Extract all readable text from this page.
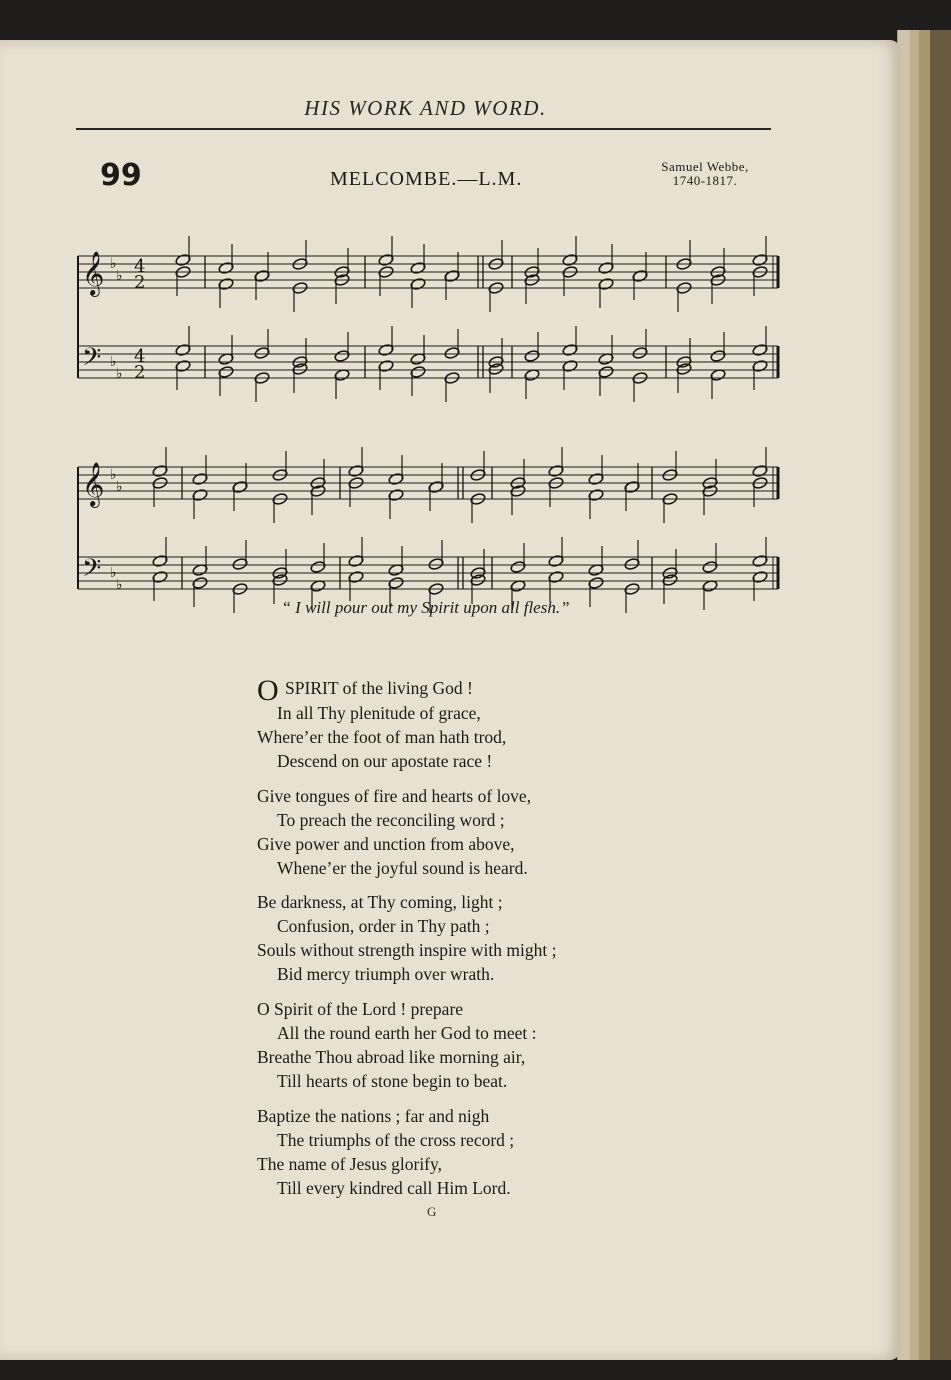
HIS WORK AND WORD.
99	MELCOMBE.—L.M.
Samuel Webbe,
1740-1817.
𝄞
𝄢
♭
♭
♭
♭
4
2
4
2
𝄞
𝄢
♭
♭
♭
♭
“ I will pour out my Spirit upon all flesh.”
O SPIRIT of the living God !
In all Thy plenitude of grace,
Where’er the foot of man hath trod,
Descend on our apostate race !
Give tongues of fire and hearts of love,
To preach the reconciling word ;
Give power and unction from above,
Whene’er the joyful sound is heard.
Be darkness, at Thy coming, light ;
Confusion, order in Thy path ;
Souls without strength inspire with might ;
Bid mercy triumph over wrath.
O Spirit of the Lord ! prepare
All the round earth her God to meet :
Breathe Thou abroad like morning air,
Till hearts of stone begin to beat.
Baptize the nations ; far and nigh
The triumphs of the cross record ;
The name of Jesus glorify,
Till every kindred call Him Lord.
G
